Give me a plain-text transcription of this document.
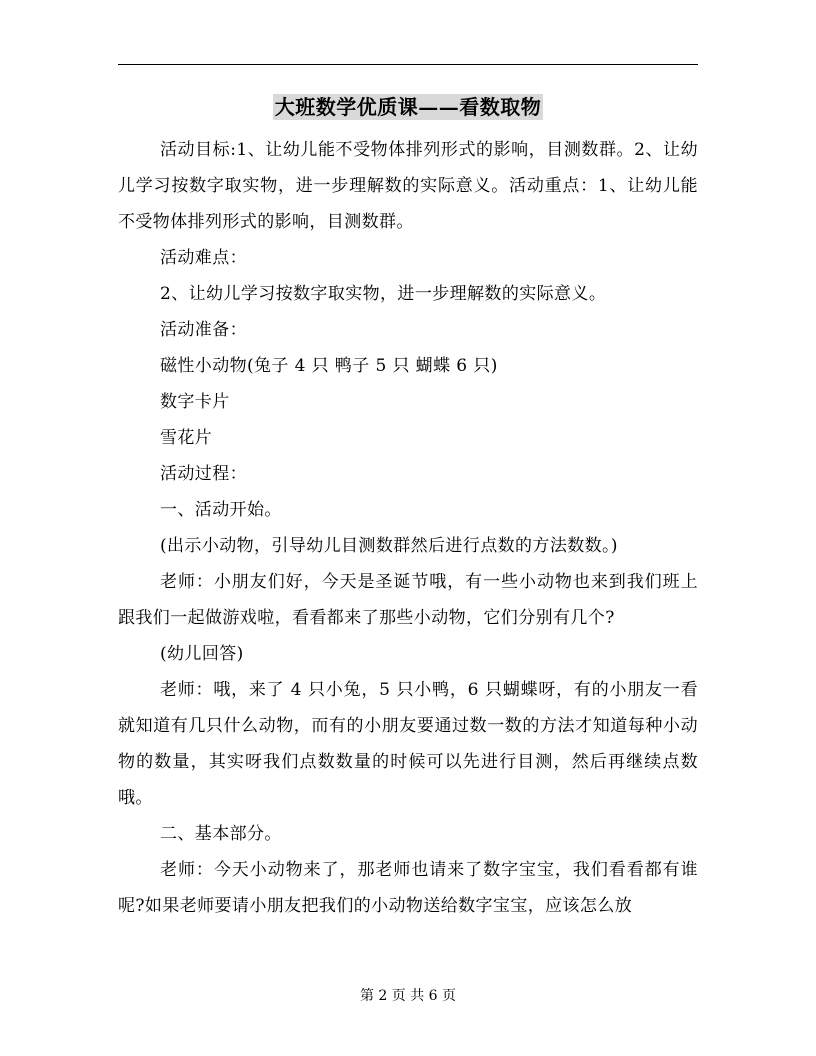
大班数学优质课——看数取物

活动目标:1、让幼儿能不受物体排列形式的影响，目测数群。2、让幼儿学习按数字取实物，进一步理解数的实际意义。活动重点：1、让幼儿能不受物体排列形式的影响，目测数群。

活动难点：

2、让幼儿学习按数字取实物，进一步理解数的实际意义。

活动准备：

磁性小动物(兔子 4 只 鸭子 5 只 蝴蝶 6 只)

数字卡片

雪花片

活动过程：

一、活动开始。

(出示小动物，引导幼儿目测数群然后进行点数的方法数数。)

老师：小朋友们好，今天是圣诞节哦，有一些小动物也来到我们班上跟我们一起做游戏啦，看看都来了那些小动物，它们分别有几个?

(幼儿回答)

老师：哦，来了 4 只小兔，5 只小鸭，6 只蝴蝶呀，有的小朋友一看就知道有几只什么动物，而有的小朋友要通过数一数的方法才知道每种小动物的数量，其实呀我们点数数量的时候可以先进行目测，然后再继续点数哦。

二、基本部分。

老师：今天小动物来了，那老师也请来了数字宝宝，我们看看都有谁呢?如果老师要请小朋友把我们的小动物送给数字宝宝，应该怎么放

第 2 页 共 6 页
